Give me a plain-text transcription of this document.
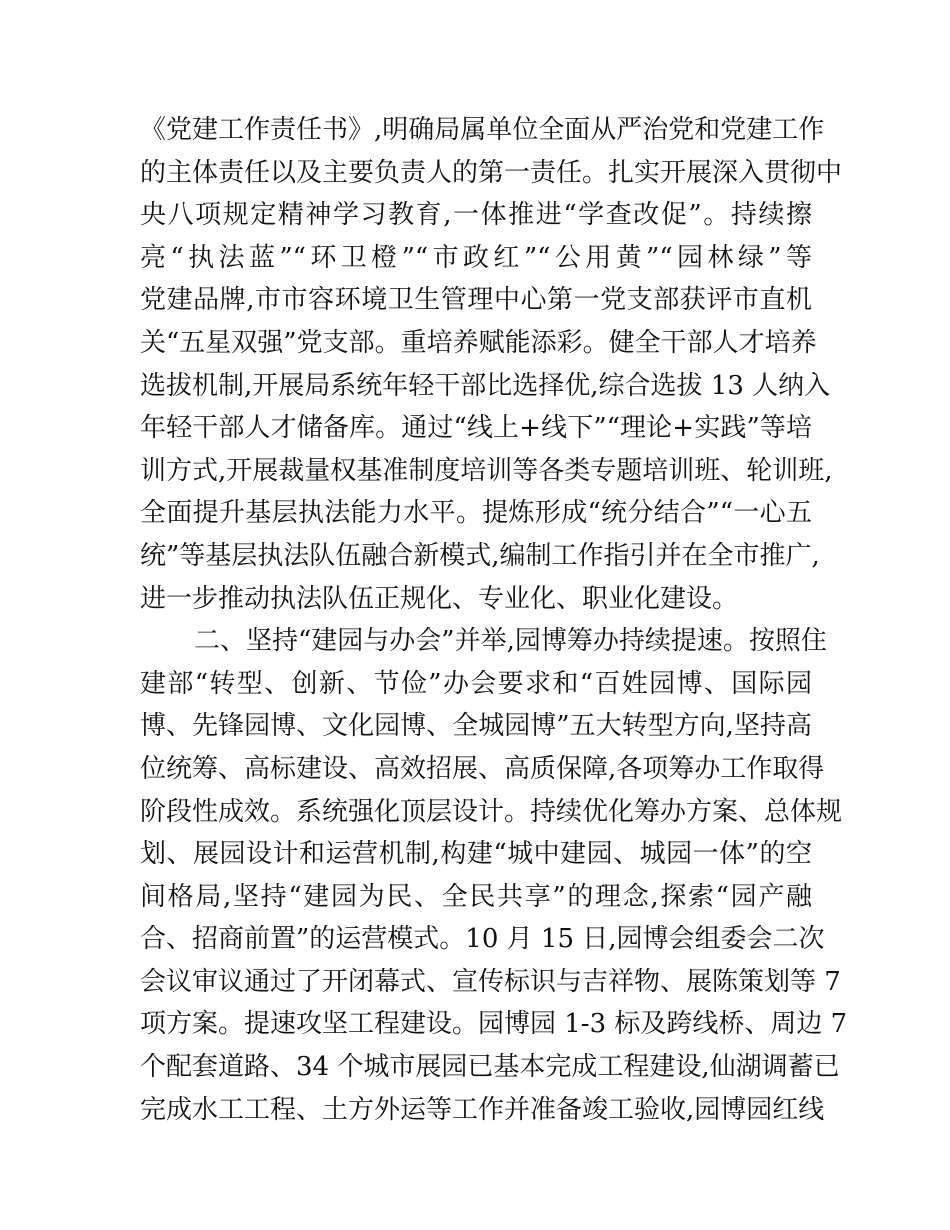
《党建工作责任书》,明确局属单位全面从严治党和党建工作
的主体责任以及主要负责人的第一责任。扎实开展深入贯彻中
央八项规定精神学习教育,一体推进“学查改促”。持续擦
亮“执法蓝”“环卫橙”“市政红”“公用黄”“园林绿”等
党建品牌,市市容环境卫生管理中心第一党支部获评市直机
关“五星双强”党支部。重培养赋能添彩。健全干部人才培养
选拔机制,开展局系统年轻干部比选择优,综合选拔 13 人纳入
年轻干部人才储备库。通过“线上+线下”“理论+实践”等培
训方式,开展裁量权基准制度培训等各类专题培训班、轮训班,
全面提升基层执法能力水平。提炼形成“统分结合”“一心五
统”等基层执法队伍融合新模式,编制工作指引并在全市推广,
进一步推动执法队伍正规化、专业化、职业化建设。
二、坚持“建园与办会”并举,园博筹办持续提速。按照住
建部“转型、创新、节俭”办会要求和“百姓园博、国际园
博、先锋园博、文化园博、全城园博”五大转型方向,坚持高
位统筹、高标建设、高效招展、高质保障,各项筹办工作取得
阶段性成效。系统强化顶层设计。持续优化筹办方案、总体规
划、展园设计和运营机制,构建“城中建园、城园一体”的空
间格局,坚持“建园为民、全民共享”的理念,探索“园产融
合、招商前置”的运营模式。10 月 15 日,园博会组委会二次
会议审议通过了开闭幕式、宣传标识与吉祥物、展陈策划等 7
项方案。提速攻坚工程建设。园博园 1-3 标及跨线桥、周边 7
个配套道路、34 个城市展园已基本完成工程建设,仙湖调蓄已
完成水工工程、土方外运等工作并准备竣工验收,园博园红线
